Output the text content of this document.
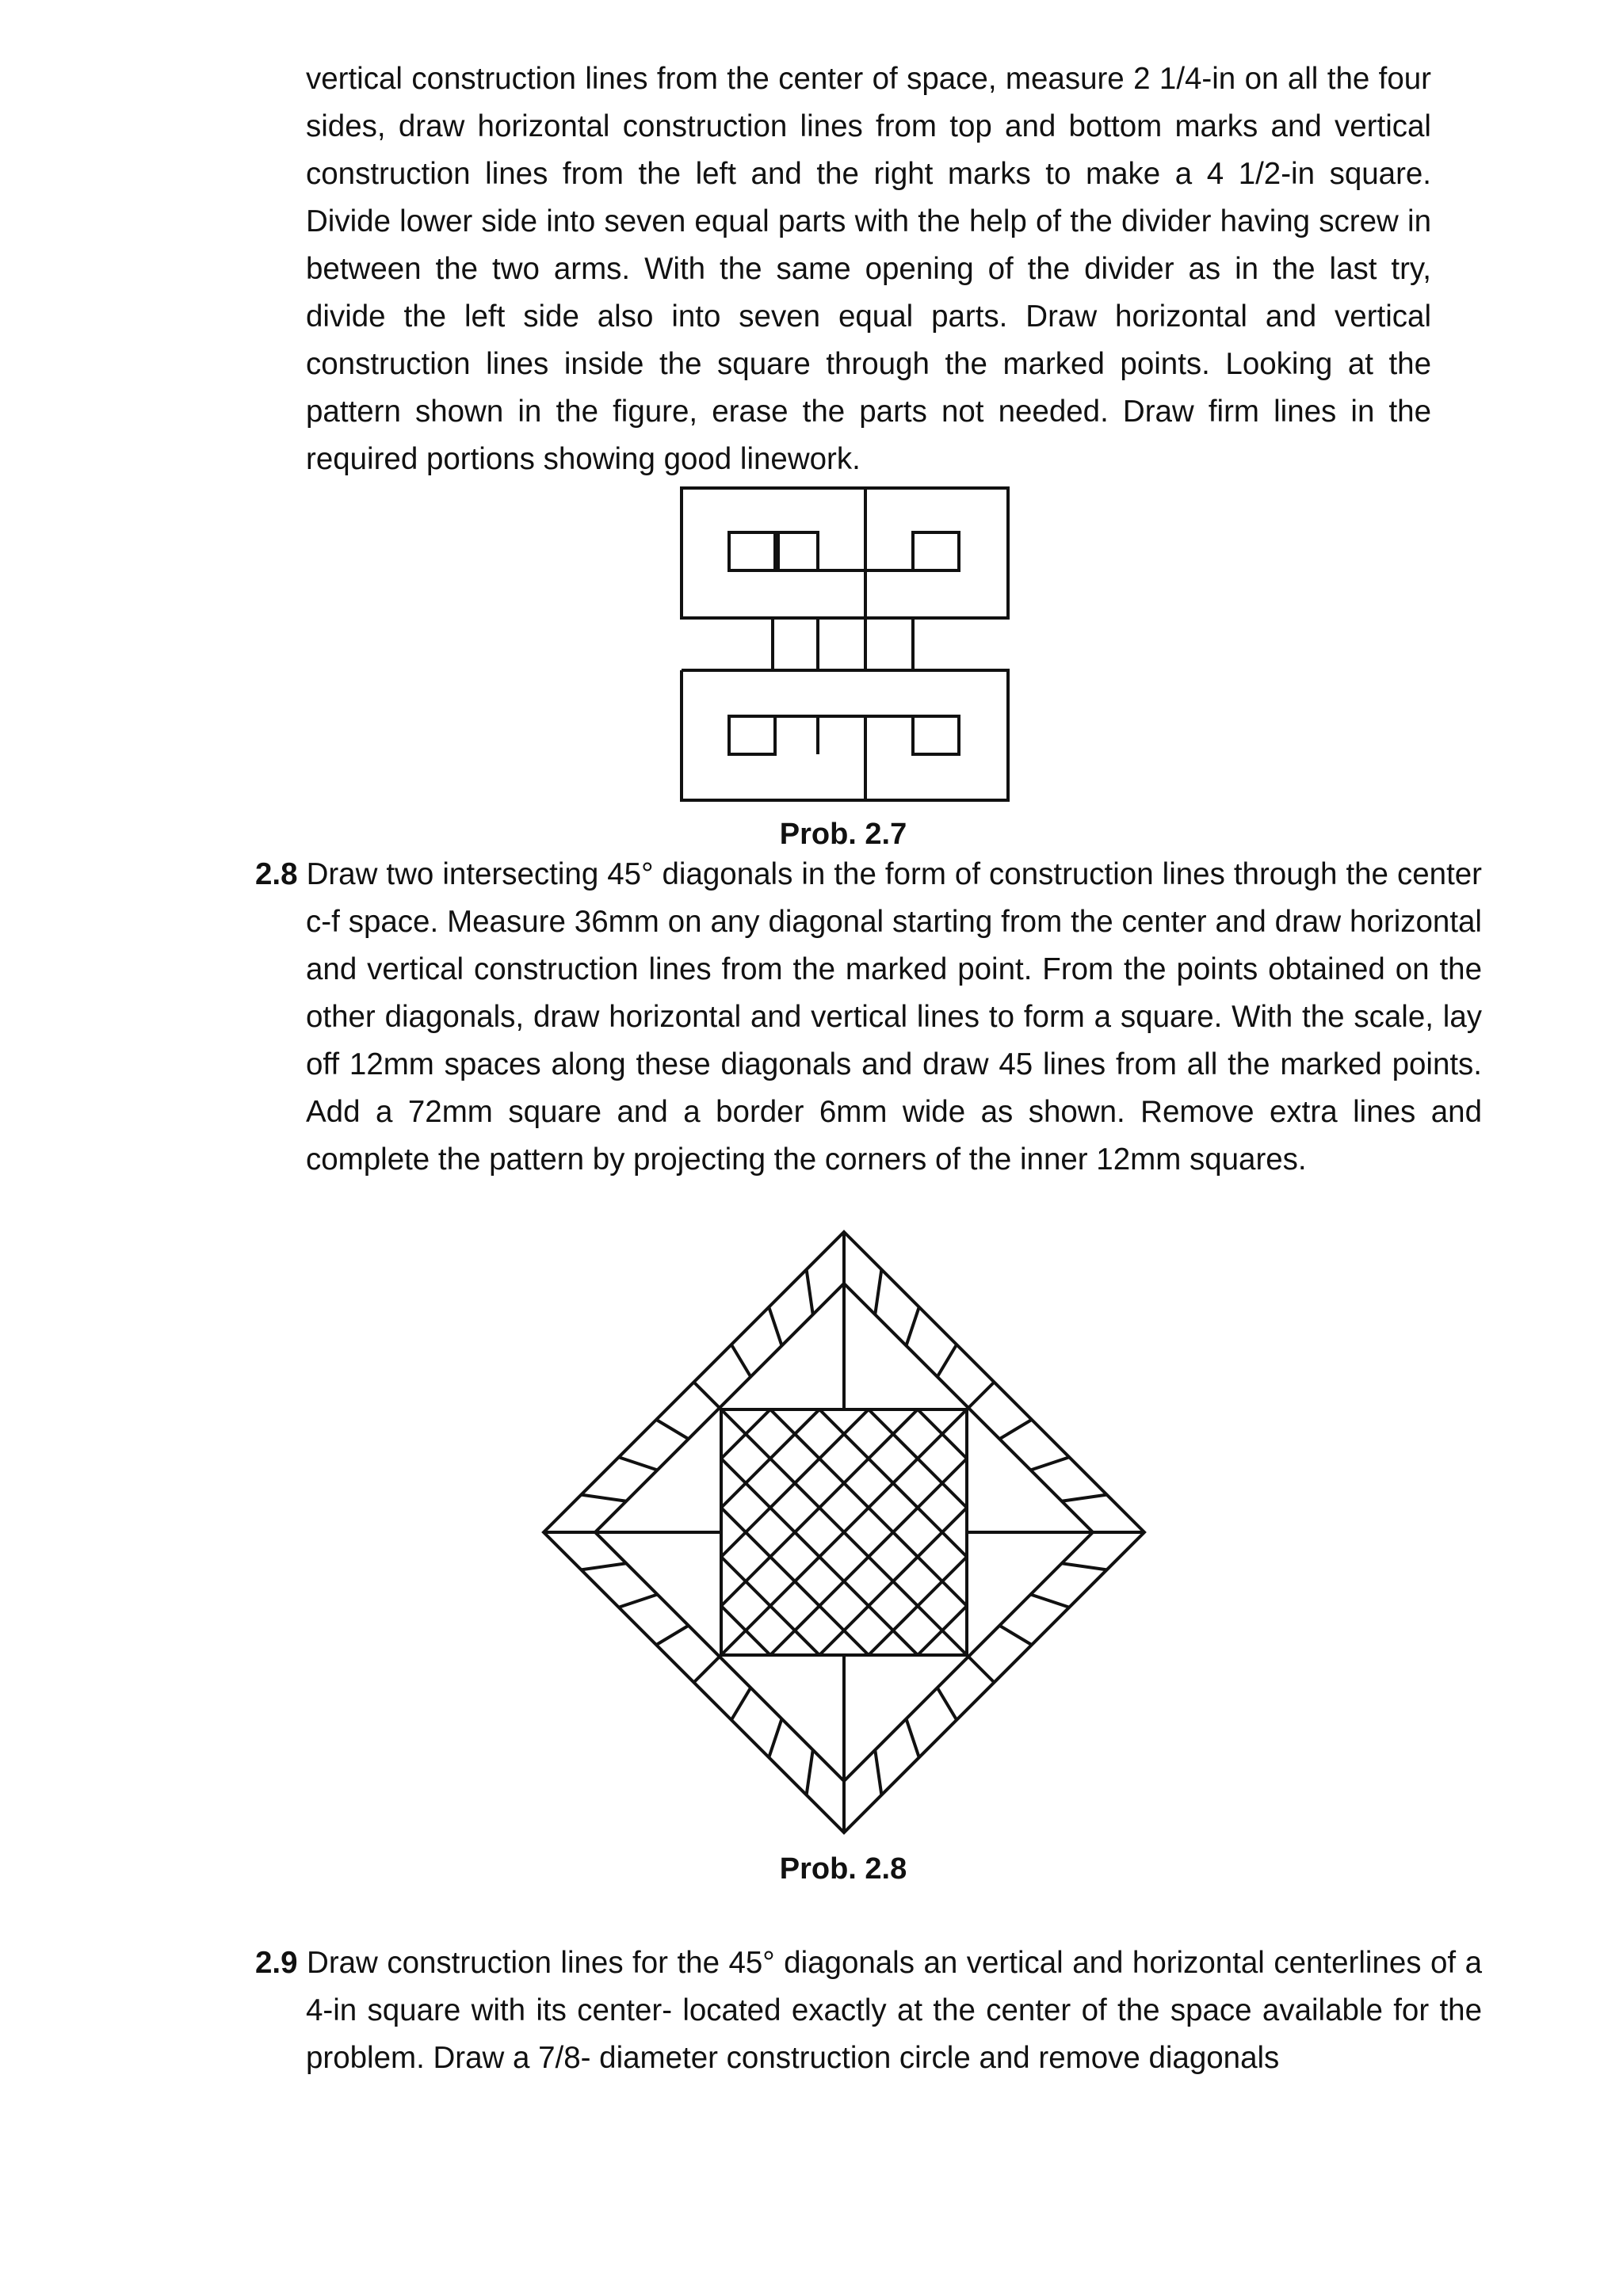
vertical construction lines from the center of space, measure 2 1/4-in on all the four sides, draw horizontal construction lines from top and bottom marks and vertical construction lines from the left and the right marks to make a 4 1/2-in square. Divide lower side into seven equal parts with the help of the divider having screw in between the two arms. With the same opening of the divider as in the last try, divide the left side also into seven equal parts. Draw horizontal and vertical construction lines inside the square through the marked points. Looking at the pattern shown in the figure, erase the parts not needed. Draw firm lines in the required portions showing good linework.

Prob. 2.7

2.8 Draw two intersecting 45° diagonals in the form of construction lines through the center c-f space. Measure 36mm on any diagonal starting from the center and draw horizontal and vertical construction lines from the marked point. From the points obtained on the other diagonals, draw horizontal and vertical lines to form a square. With the scale, lay off 12mm spaces along these diagonals and draw 45 lines from all the marked points. Add a 72mm square and a border 6mm wide as shown. Remove extra lines and complete the pattern by projecting the corners of the inner 12mm squares.

Prob. 2.8

2.9 Draw construction lines for the 45° diagonals an vertical and horizontal centerlines of a 4-in square with its center- located exactly at the center of the space available for the problem. Draw a 7/8- diameter construction circle and remove diagonals
